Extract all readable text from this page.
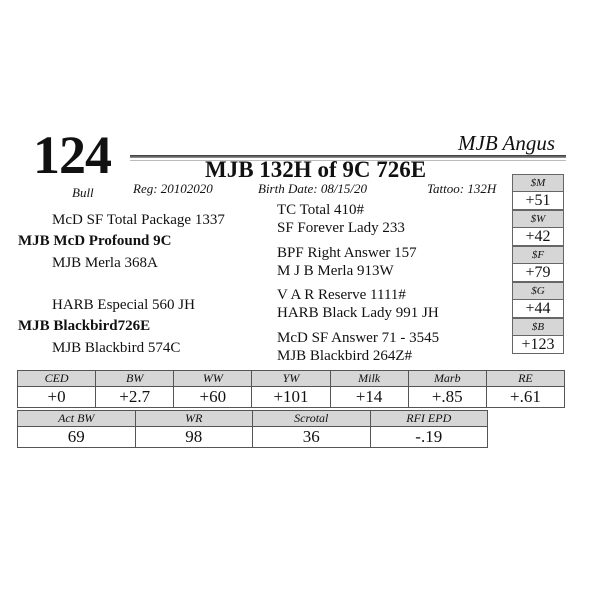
124	MJB Angus
MJB 132H of 9C 726E
Bull	Reg: 20102020	Birth Date: 08/15/20	Tattoo: 132H
McD SF Total Package 1337
MJB McD Profound 9C
MJB Merla 368A
HARB Especial 560 JH
MJB Blackbird726E
MJB Blackbird 574C
TC Total 410#
SF Forever Lady 233
BPF Right Answer 157
M J B Merla 913W
V A R Reserve 1111#
HARB Black Lady 991 JH
McD SF Answer 71 - 3545
MJB Blackbird 264Z#
$M
+51
$W
+42
$F
+79
$G
+44
$B
+123
CED	BW	WW	YW	Milk	Marb	RE
+0	+2.7	+60	+101	+14	+.85	+.61
Act BW	WR	Scrotal	RFI EPD
69	98	36	-.19
